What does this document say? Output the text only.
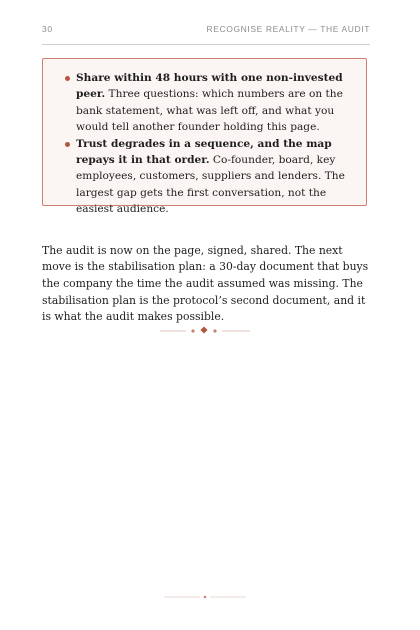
30	RECOGNISE REALITY — THE AUDIT
Share within 48 hours with one non-invested peer. Three questions: which numbers are on the bank statement, what was left off, and what you would tell another founder holding this page.
Trust degrades in a sequence, and the map repays it in that order. Co-founder, board, key employees, customers, suppliers and lenders. The largest gap gets the first conversation, not the easiest audience.

The audit is now on the page, signed, shared. The next move is the stabilisation plan: a 30-day document that buys the company the time the audit assumed was missing. The stabilisation plan is the protocol’s second document, and it is what the audit makes possible.
